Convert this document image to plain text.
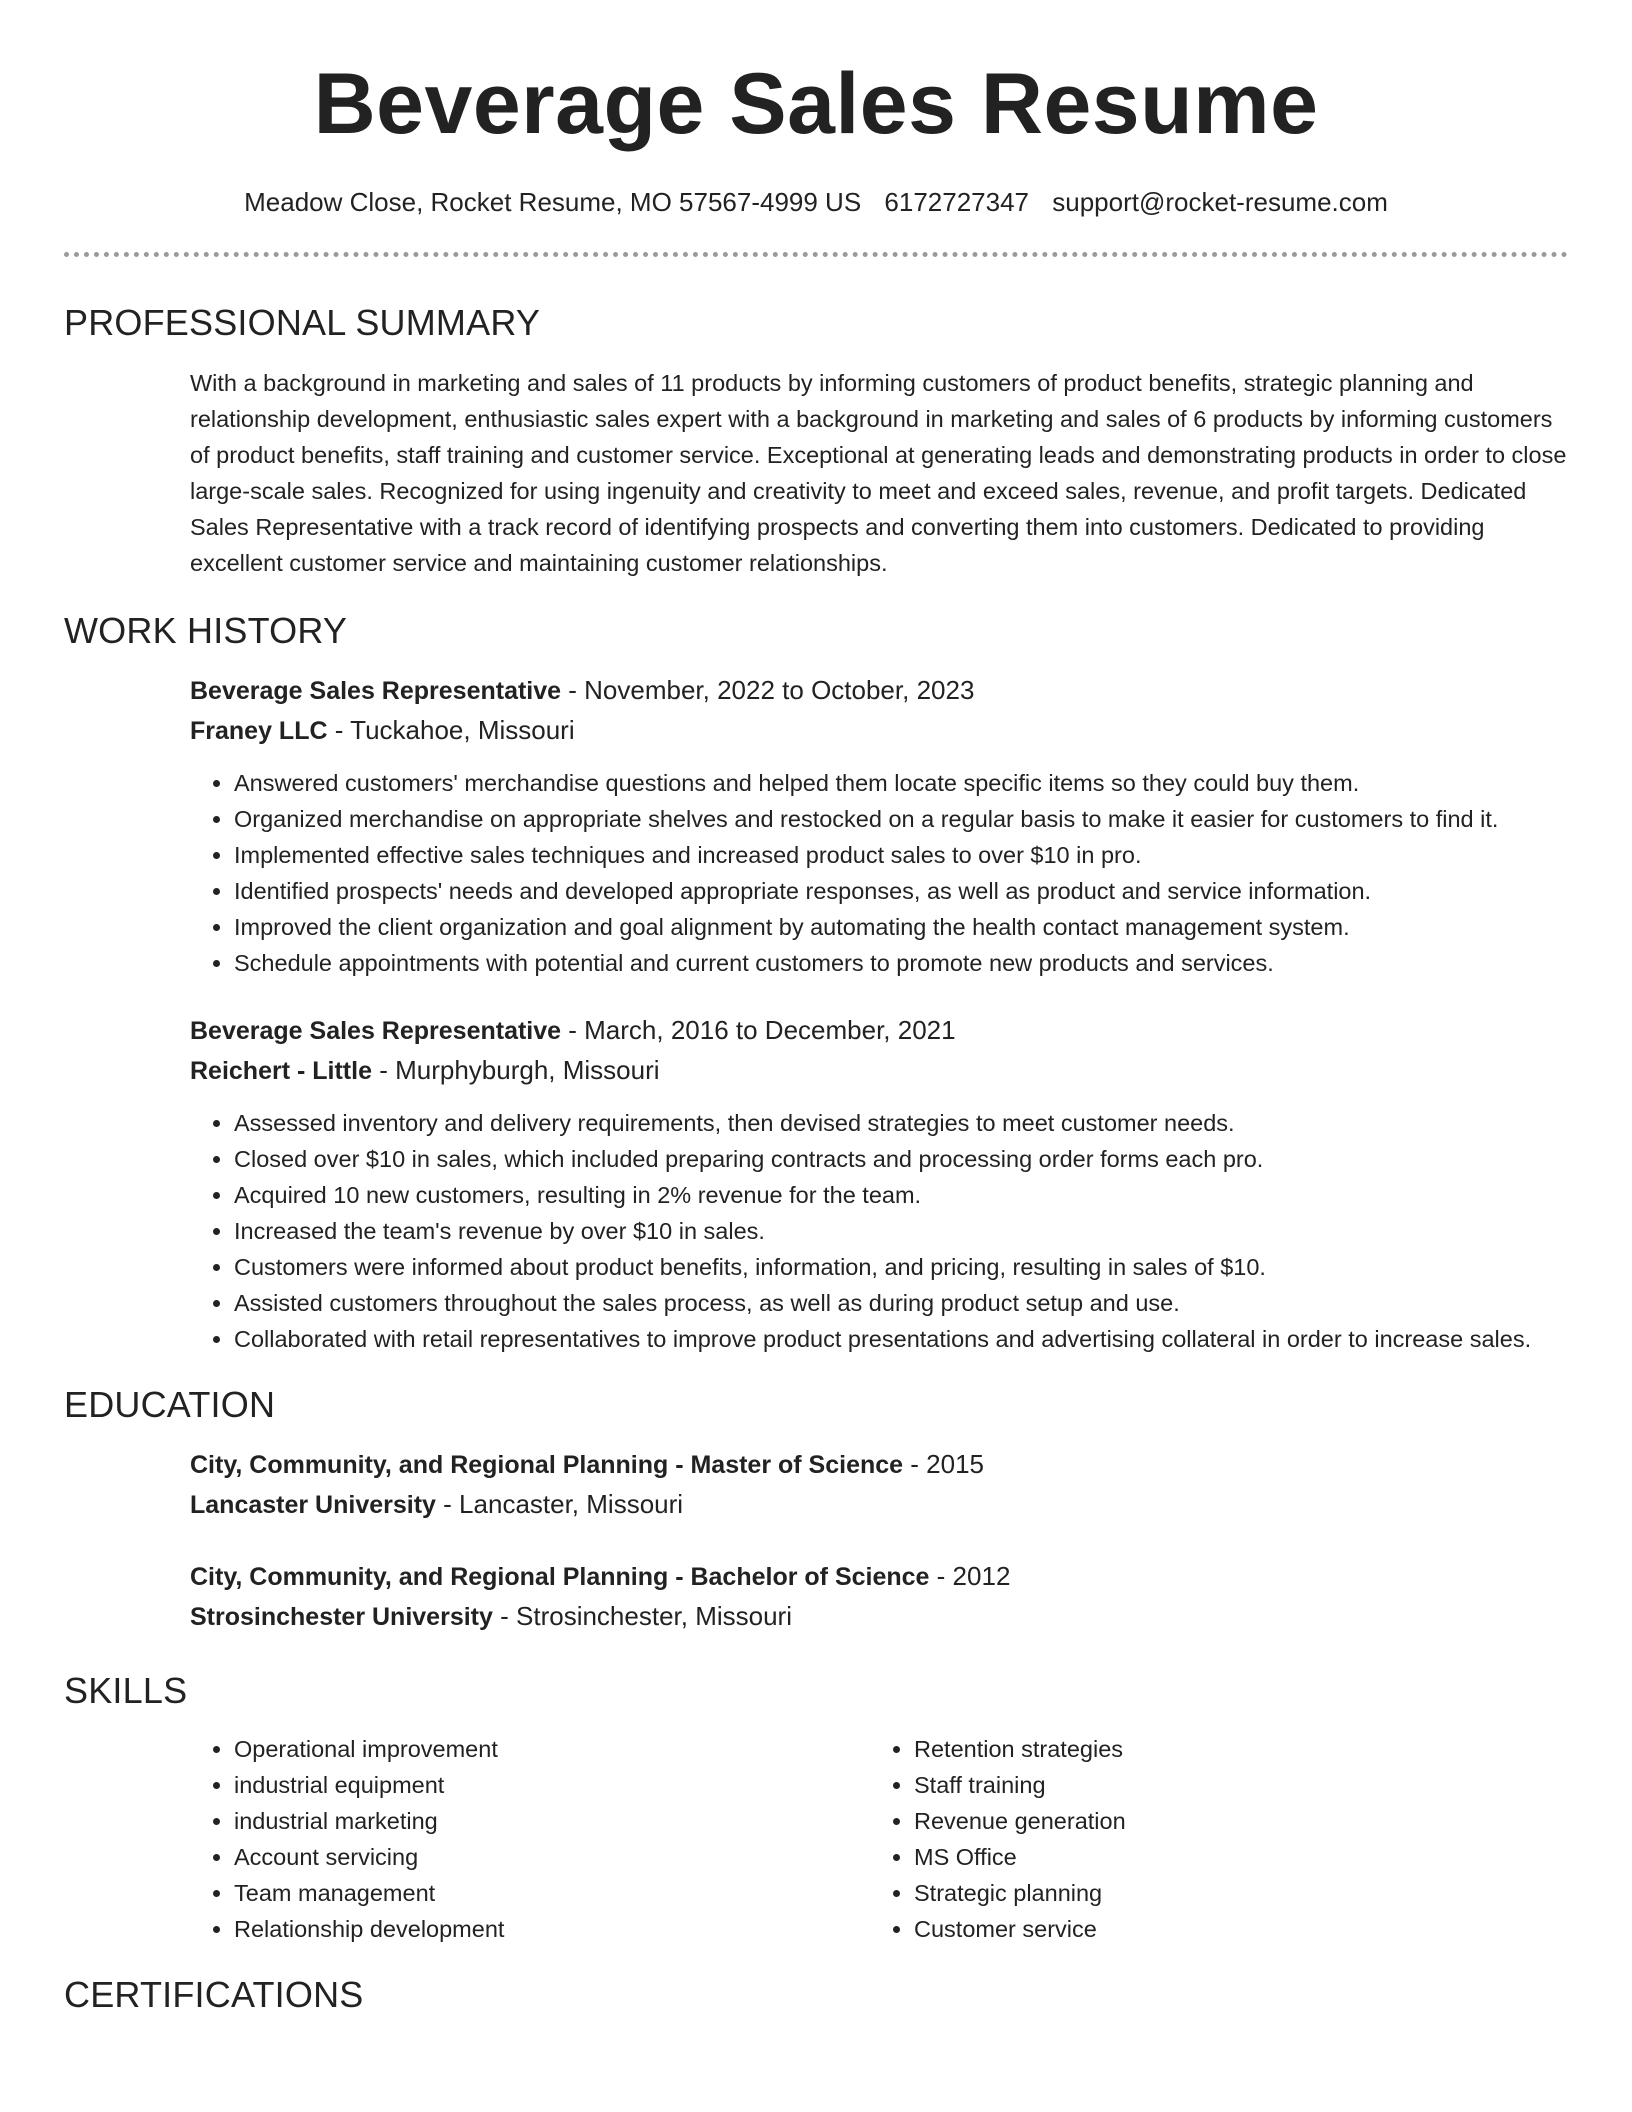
Beverage Sales Resume
Meadow Close, Rocket Resume, MO 57567-4999 US 6172727347 support@rocket-resume.com
PROFESSIONAL SUMMARY

With a background in marketing and sales of 11 products by informing customers of product benefits, strategic planning and relationship development, enthusiastic sales expert with a background in marketing and sales of 6 products by informing customers of product benefits, staff training and customer service. Exceptional at generating leads and demonstrating products in order to close large-scale sales. Recognized for using ingenuity and creativity to meet and exceed sales, revenue, and profit targets. Dedicated Sales Representative with a track record of identifying prospects and converting them into customers. Dedicated to providing excellent customer service and maintaining customer relationships.

WORK HISTORY
Beverage Sales Representative - November, 2022 to October, 2023
Franey LLC - Tuckahoe, Missouri
• Answered customers' merchandise questions and helped them locate specific items so they could buy them.
• Organized merchandise on appropriate shelves and restocked on a regular basis to make it easier for customers to find it.
• Implemented effective sales techniques and increased product sales to over $10 in pro.
• Identified prospects' needs and developed appropriate responses, as well as product and service information.
• Improved the client organization and goal alignment by automating the health contact management system.
• Schedule appointments with potential and current customers to promote new products and services.
Beverage Sales Representative - March, 2016 to December, 2021
Reichert - Little - Murphyburgh, Missouri
• Assessed inventory and delivery requirements, then devised strategies to meet customer needs.
• Closed over $10 in sales, which included preparing contracts and processing order forms each pro.
• Acquired 10 new customers, resulting in 2% revenue for the team.
• Increased the team's revenue by over $10 in sales.
• Customers were informed about product benefits, information, and pricing, resulting in sales of $10.
• Assisted customers throughout the sales process, as well as during product setup and use.
• Collaborated with retail representatives to improve product presentations and advertising collateral in order to increase sales.
EDUCATION
City, Community, and Regional Planning - Master of Science - 2015
Lancaster University - Lancaster, Missouri
City, Community, and Regional Planning - Bachelor of Science - 2012
Strosinchester University - Strosinchester, Missouri
SKILLS
• Operational improvement
• industrial equipment
• industrial marketing
• Account servicing
• Team management
• Relationship development
• Retention strategies
• Staff training
• Revenue generation
• MS Office
• Strategic planning
• Customer service
CERTIFICATIONS
